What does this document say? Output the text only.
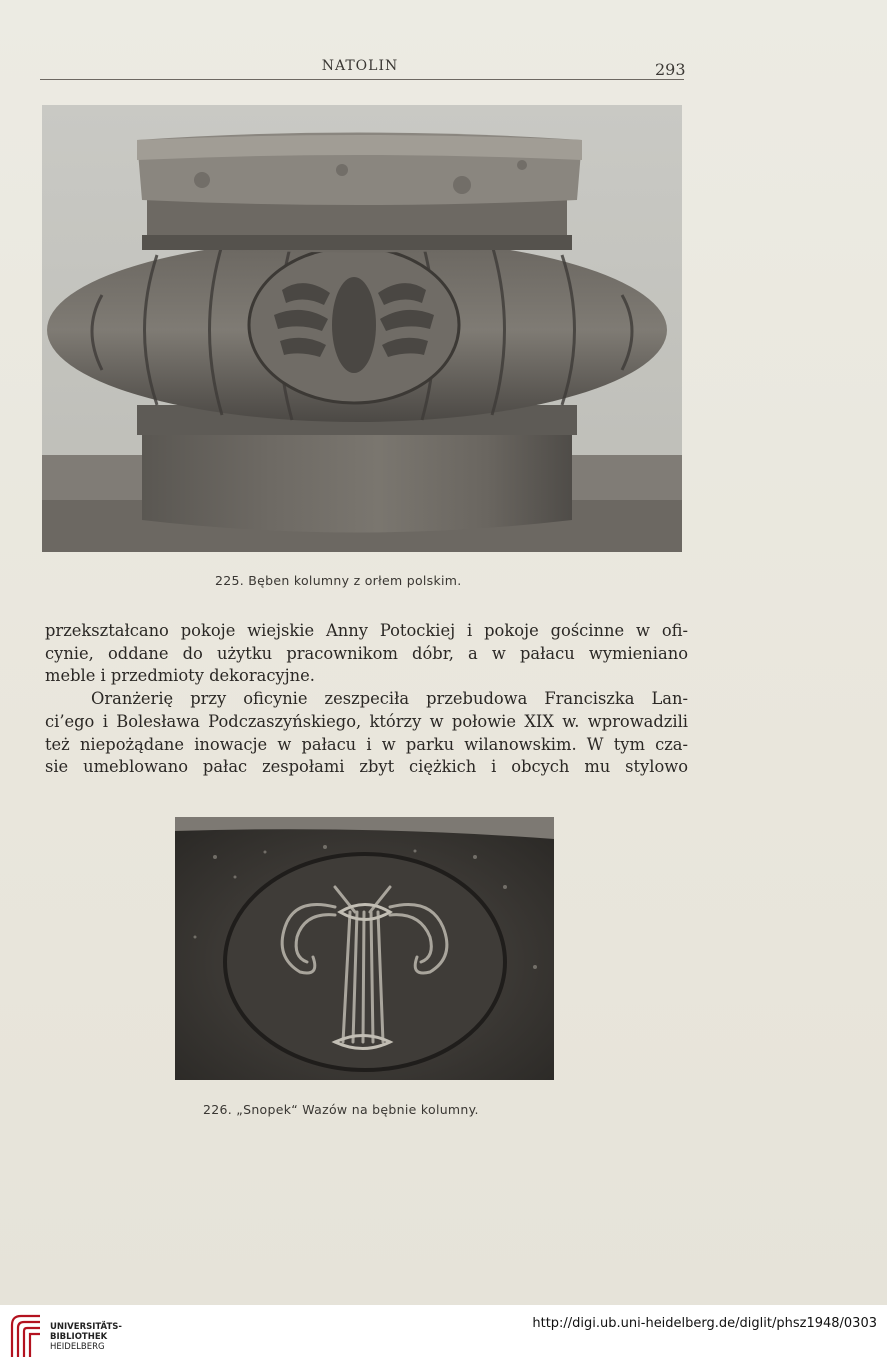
NATOLIN	293
225. Bęben kolumny z orłem polskim.
przekształcano pokoje wiejskie Anny Potockiej i pokoje gościnne w ofi-
cynie, oddane do użytku pracownikom dóbr, a w pałacu wymieniano
meble i przedmioty dekoracyjne.
Oranżerię przy oficynie zeszpeciła przebudowa Franciszka Lan-
ci’ego i Bolesława Podczaszyńskiego, którzy w połowie XIX w. wprowadzili
też niepożądane inowacje w pałacu i w parku wilanowskim. W tym cza-
sie umeblowano pałac zespołami zbyt ciężkich i obcych mu stylowo
226. „Snopek“ Wazów na bębnie kolumny.
UNIVERSITÄTS-
BIBLIOTHEK
HEIDELBERG
http://digi.ub.uni-heidelberg.de/diglit/phsz1948/0303
